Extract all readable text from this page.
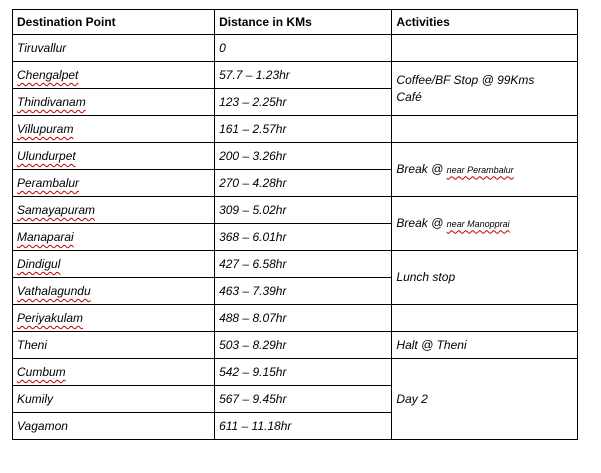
Destination Point	Distance in KMs	Activities
Tiruvallur	0	
Chengalpet	57.7 – 1.23hr	Coffee/BF Stop @ 99Kms
Café

Thindivanam	123 – 2.25hr	
Villupuram	161 – 2.57hr	
Ulundurpet	200 – 3.26hr	Break @ near Perambalur
Perambalur	270 – 4.28hr	
Samayapuram	309 – 5.02hr	Break @ near Manopprai
Manaparai	368 – 6.01hr	
Dindigul	427 – 6.58hr	Lunch stop
Vathalagundu	463 – 7.39hr	
Periyakulam	488 – 8.07hr	
Theni	503 – 8.29hr	Halt @ Theni
Cumbum	542 – 9.15hr	Day 2
Kumily	567 – 9.45hr	
Vagamon	611 – 11.18hr	
